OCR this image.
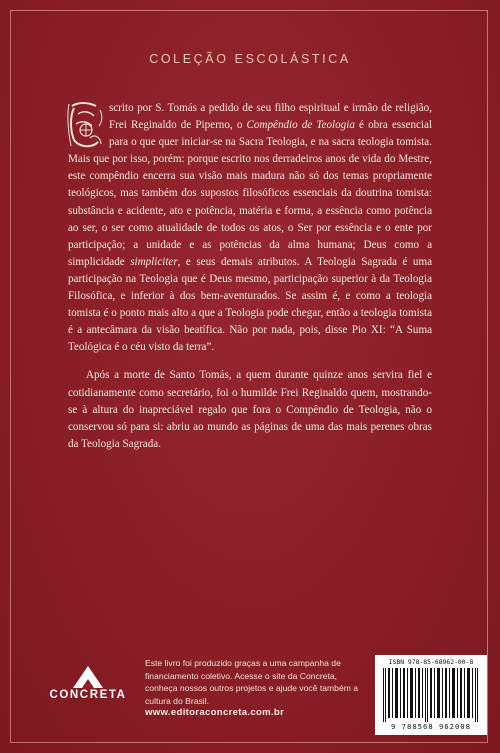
COLEÇÃO ESCOLÁSTICA

scrito por S. Tomás a pedido de seu filho espiritual e irmão de religião, Frei Reginaldo de Piperno, o Compêndio de Teologia é obra essencial para o que quer iniciar-se na Sacra Teologia, e na sacra teologia tomista. Mais que por isso, porém: porque escrito nos derradeiros anos de vida do Mestre, este compêndio encerra sua visão mais madura não só dos temas propriamente teológicos, mas também dos supostos filosóficos essenciais da doutrina tomista: substância e acidente, ato e potência, matéria e forma, a essência como potência ao ser, o ser como atualidade de todos os atos, o Ser por essência e o ente por participação; a unidade e as potências da alma humana; Deus como a simplicidade simpliciter, e seus demais atributos. A Teologia Sagrada é uma participação na Teologia que é Deus mesmo, participação superior à da Teologia Filosófica, e inferior à dos bem-aventurados. Se assim é, e como a teologia tomista é o ponto mais alto a que a Teologia pode chegar, então a teologia tomista é a antecâmara da visão beatífica. Não por nada, pois, disse Pio XI: “A Suma Teológica é o céu visto da terra”.

Após a morte de Santo Tomás, a quem durante quinze anos servira fiel e cotidianamente como secretário, foi o humilde Frei Reginaldo quem, mostrando-se à altura do inapreciável regalo que fora o Compêndio de Teologia, não o conservou só para si: abriu ao mundo as páginas de uma das mais perenes obras da Teologia Sagrada.

CONCRETA
Este livro foi produzido graças a uma campanha de financiamento coletivo. Acesse o site da Concreta, conheça nossos outros projetos e ajude você também a cultura do Brasil.
www.editoraconcreta.com.br
ISBN 978-85-68962-00-8
9 788568 962008
